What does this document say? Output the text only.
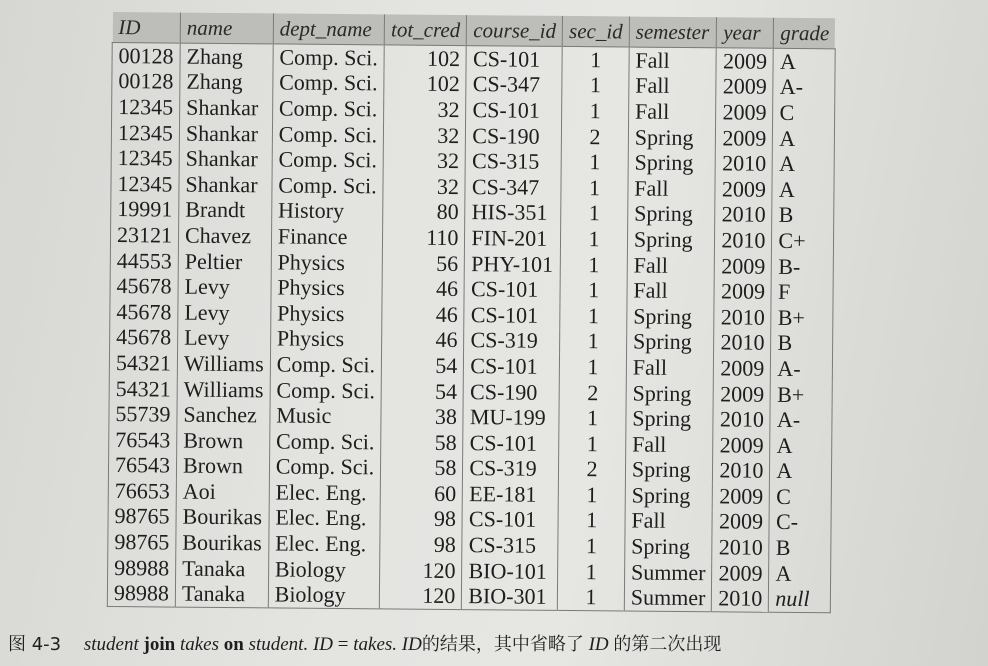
ID	name	dept_name	tot_cred	course_id	sec_id	semester	year	grade
00128	Zhang	Comp. Sci.	102	CS-101	1	Fall	2009	A
00128	Zhang	Comp. Sci.	102	CS-347	1	Fall	2009	A-
12345	Shankar	Comp. Sci.	32	CS-101	1	Fall	2009	C
12345	Shankar	Comp. Sci.	32	CS-190	2	Spring	2009	A
12345	Shankar	Comp. Sci.	32	CS-315	1	Spring	2010	A
12345	Shankar	Comp. Sci.	32	CS-347	1	Fall	2009	A
19991	Brandt	History	80	HIS-351	1	Spring	2010	B
23121	Chavez	Finance	110	FIN-201	1	Spring	2010	C+
44553	Peltier	Physics	56	PHY-101	1	Fall	2009	B-
45678	Levy	Physics	46	CS-101	1	Fall	2009	F
45678	Levy	Physics	46	CS-101	1	Spring	2010	B+
45678	Levy	Physics	46	CS-319	1	Spring	2010	B
54321	Williams	Comp. Sci.	54	CS-101	1	Fall	2009	A-
54321	Williams	Comp. Sci.	54	CS-190	2	Spring	2009	B+
55739	Sanchez	Music	38	MU-199	1	Spring	2010	A-
76543	Brown	Comp. Sci.	58	CS-101	1	Fall	2009	A
76543	Brown	Comp. Sci.	58	CS-319	2	Spring	2010	A
76653	Aoi	Elec. Eng.	60	EE-181	1	Spring	2009	C
98765	Bourikas	Elec. Eng.	98	CS-101	1	Fall	2009	C-
98765	Bourikas	Elec. Eng.	98	CS-315	1	Spring	2010	B
98988	Tanaka	Biology	120	BIO-101	1	Summer	2009	A
98988	Tanaka	Biology	120	BIO-301	1	Summer	2010	null
图 4-3 student join takes on student. ID = takes. ID的结果，其中省略了 ID 的第二次出现
